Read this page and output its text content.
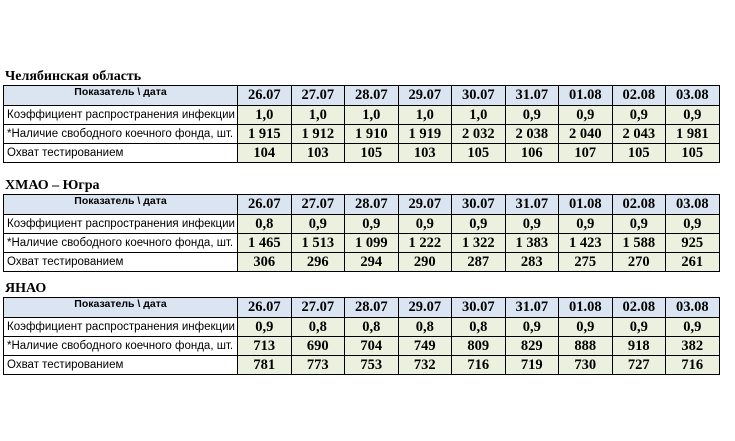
Челябинская область
Показатель \ дата	26.07	27.07	28.07	29.07	30.07	31.07	01.08	02.08	03.08
Коэффициент распространения инфекции	1,0	1,0	1,0	1,0	1,0	0,9	0,9	0,9	0,9
*Наличие свободного коечного фонда, шт.	1 915	1 912	1 910	1 919	2 032	2 038	2 040	2 043	1 981
Охват тестированием	104	103	105	103	105	106	107	105	105
ХМАО – Югра
Показатель \ дата	26.07	27.07	28.07	29.07	30.07	31.07	01.08	02.08	03.08
Коэффициент распространения инфекции	0,8	0,9	0,9	0,9	0,9	0,9	0,9	0,9	0,9
*Наличие свободного коечного фонда, шт.	1 465	1 513	1 099	1 222	1 322	1 383	1 423	1 588	925
Охват тестированием	306	296	294	290	287	283	275	270	261
ЯНАО
Показатель \ дата	26.07	27.07	28.07	29.07	30.07	31.07	01.08	02.08	03.08
Коэффициент распространения инфекции	0,9	0,8	0,8	0,8	0,8	0,9	0,9	0,9	0,9
*Наличие свободного коечного фонда, шт.	713	690	704	749	809	829	888	918	382
Охват тестированием	781	773	753	732	716	719	730	727	716
